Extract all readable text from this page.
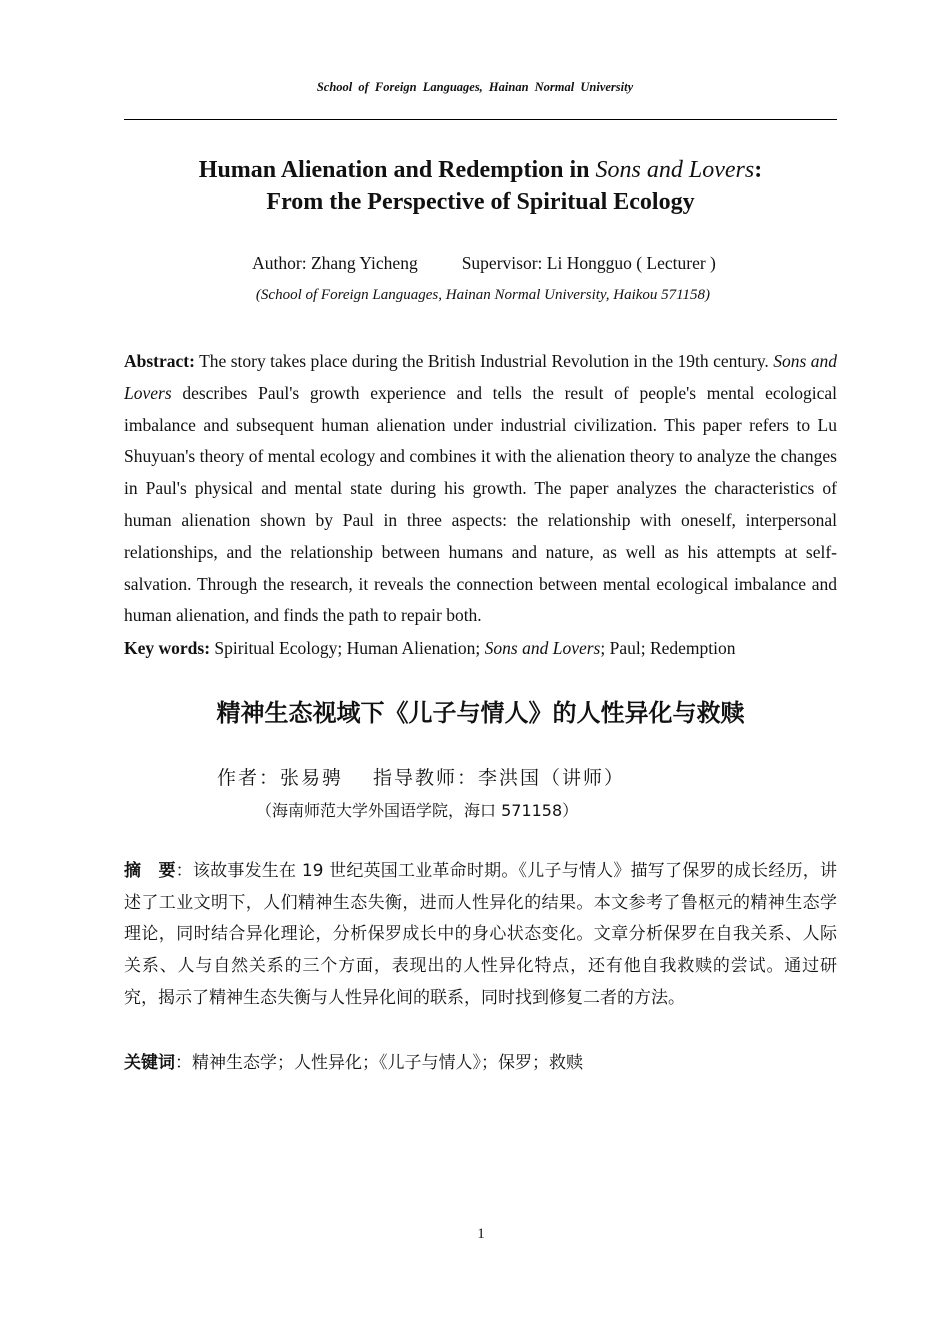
School of Foreign Languages, Hainan Normal University
Human Alienation and Redemption in Sons and Lovers:
From the Perspective of Spiritual Ecology
Author: Zhang Yicheng	Supervisor: Li Hongguo ( Lecturer )
(School of Foreign Languages, Hainan Normal University, Haikou 571158)

Abstract: The story takes place during the British Industrial Revolution in the 19th century. Sons and Lovers describes Paul's growth experience and tells the result of people's mental ecological imbalance and subsequent human alienation under industrial civilization. This paper refers to Lu Shuyuan's theory of mental ecology and combines it with the alienation theory to analyze the changes in Paul's physical and mental state during his growth. The paper analyzes the characteristics of human alienation shown by Paul in three aspects: the relationship with oneself, interpersonal relationships, and the relationship between humans and nature, as well as his attempts at self-salvation. Through the research, it reveals the connection between mental ecological imbalance and human alienation, and finds the path to repair both.

Key words: Spiritual Ecology; Human Alienation; Sons and Lovers; Paul; Redemption
精神生态视域下《儿子与情人》的人性异化与救赎
作者：张易骋 指导教师：李洪国（讲师）
（海南师范大学外国语学院，海口 571158）

摘　要：该故事发生在 19 世纪英国工业革命时期。《儿子与情人》描写了保罗的成长经历，讲述了工业文明下，人们精神生态失衡，进而人性异化的结果。本文参考了鲁枢元的精神生态学理论，同时结合异化理论，分析保罗成长中的身心状态变化。文章分析保罗在自我关系、人际关系、人与自然关系的三个方面，表现出的人性异化特点，还有他自我救赎的尝试。通过研究，揭示了精神生态失衡与人性异化间的联系，同时找到修复二者的方法。

关键词：精神生态学；人性异化；《儿子与情人》；保罗；救赎
1
